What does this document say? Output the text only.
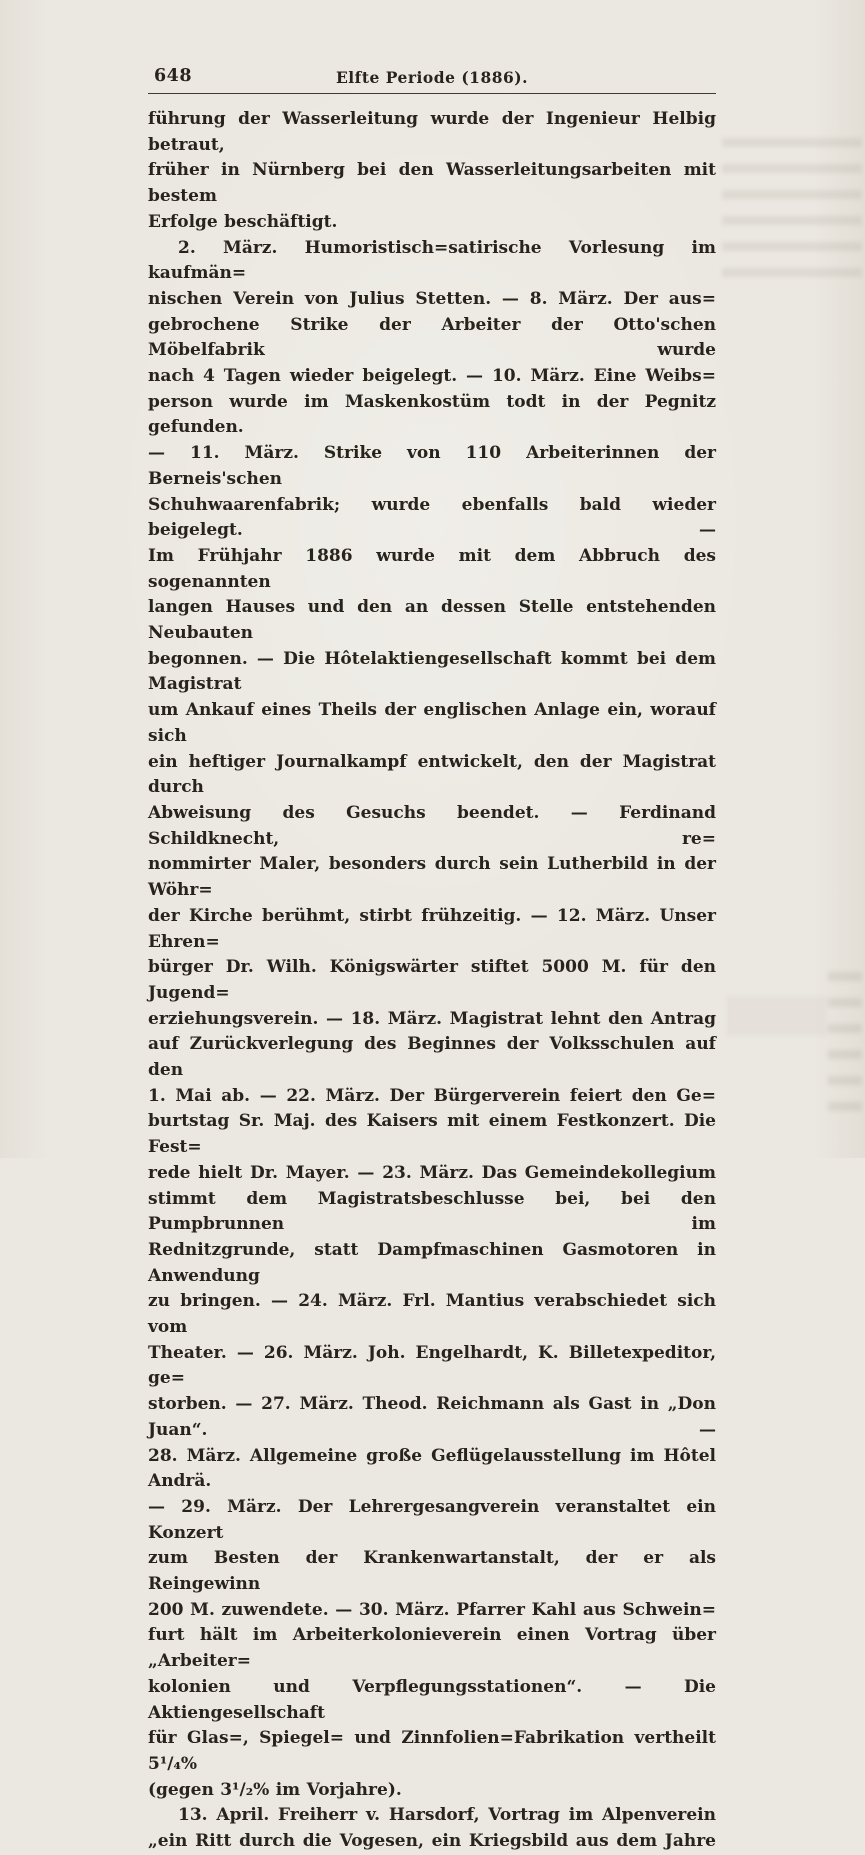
648	Elfte Periode (1886).
führung der Wasserleitung wurde der Ingenieur Helbig betraut,
früher in Nürnberg bei den Wasserleitungsarbeiten mit bestem
Erfolge beschäftigt.
2. März. Humoristisch=satirische Vorlesung im kaufmän=
nischen Verein von Julius Stetten. — 8. März. Der aus=
gebrochene Strike der Arbeiter der Otto'schen Möbelfabrik wurde
nach 4 Tagen wieder beigelegt. — 10. März. Eine Weibs=
person wurde im Maskenkostüm todt in der Pegnitz gefunden.
— 11. März. Strike von 110 Arbeiterinnen der Berneis'schen
Schuhwaarenfabrik; wurde ebenfalls bald wieder beigelegt. —
Im Frühjahr 1886 wurde mit dem Abbruch des sogenannten
langen Hauses und den an dessen Stelle entstehenden Neubauten
begonnen. — Die Hôtelaktiengesellschaft kommt bei dem Magistrat
um Ankauf eines Theils der englischen Anlage ein, worauf sich
ein heftiger Journalkampf entwickelt, den der Magistrat durch
Abweisung des Gesuchs beendet. — Ferdinand Schildknecht, re=
nommirter Maler, besonders durch sein Lutherbild in der Wöhr=
der Kirche berühmt, stirbt frühzeitig. — 12. März. Unser Ehren=
bürger Dr. Wilh. Königswärter stiftet 5000 M. für den Jugend=
erziehungsverein. — 18. März. Magistrat lehnt den Antrag
auf Zurückverlegung des Beginnes der Volksschulen auf den
1. Mai ab. — 22. März. Der Bürgerverein feiert den Ge=
burtstag Sr. Maj. des Kaisers mit einem Festkonzert. Die Fest=
rede hielt Dr. Mayer. — 23. März. Das Gemeindekollegium
stimmt dem Magistratsbeschlusse bei, bei den Pumpbrunnen im
Rednitzgrunde, statt Dampfmaschinen Gasmotoren in Anwendung
zu bringen. — 24. März. Frl. Mantius verabschiedet sich vom
Theater. — 26. März. Joh. Engelhardt, K. Billetexpeditor, ge=
storben. — 27. März. Theod. Reichmann als Gast in „Don Juan“. —
28. März. Allgemeine große Geflügelausstellung im Hôtel Andrä.
— 29. März. Der Lehrergesangverein veranstaltet ein Konzert
zum Besten der Krankenwartanstalt, der er als Reingewinn
200 M. zuwendete. — 30. März. Pfarrer Kahl aus Schwein=
furt hält im Arbeiterkolonieverein einen Vortrag über „Arbeiter=
kolonien und Verpflegungsstationen“. — Die Aktiengesellschaft
für Glas=, Spiegel= und Zinnfolien=Fabrikation vertheilt 5¹/₄%
(gegen 3¹/₂% im Vorjahre).
13. April. Freiherr v. Harsdorf, Vortrag im Alpenverein
„ein Ritt durch die Vogesen, ein Kriegsbild aus dem Jahre
